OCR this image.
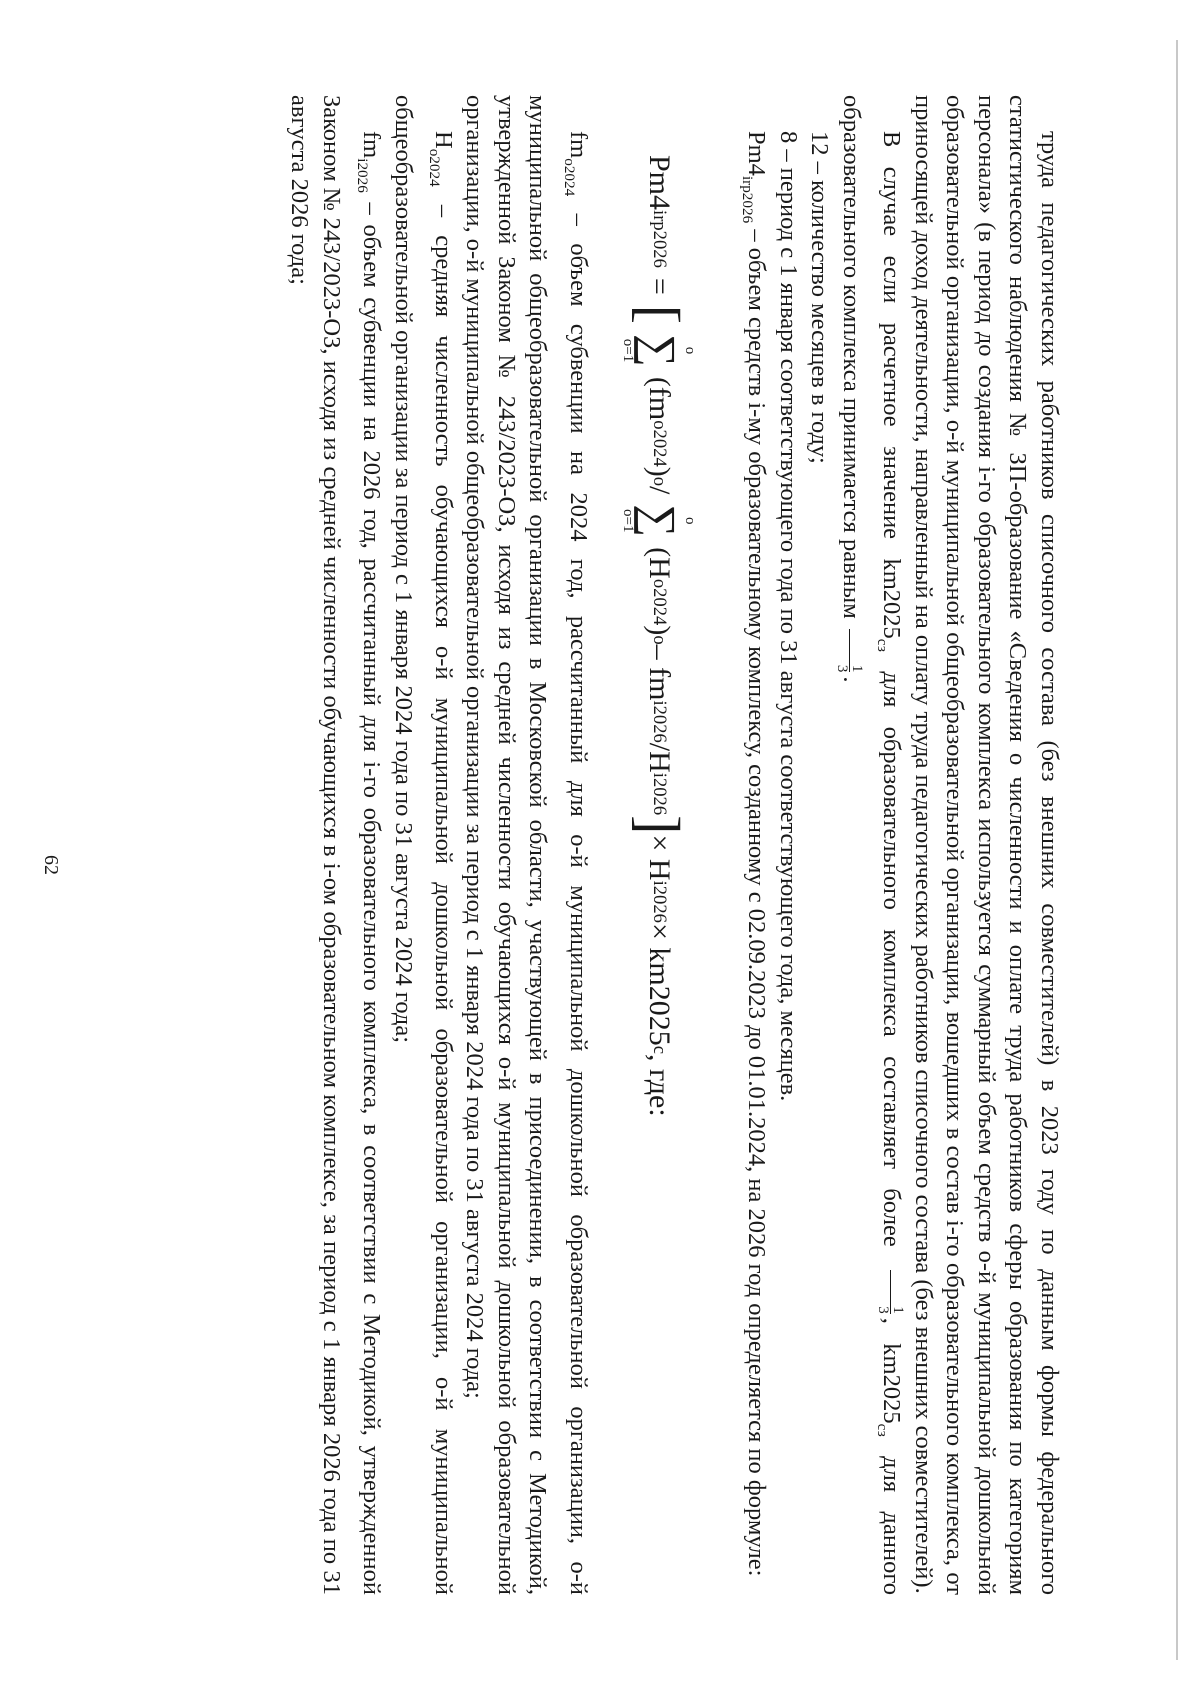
62	труда педагогических работников списочного состава (без внешних совместителей) в 2023 году по данным формы федерального статистического наблюдения № ЗП-образование «Сведения о численности и оплате труда работников сферы образования по категориям персонала» (в период до создания i-го образовательного комплекса используется суммарный объем средств о-й муниципальной дошкольной образовательной организации, о-й муниципальной общеобразовательной организации, вошедших в состав i-го образовательного комплекса, от приносящей доход деятельности, направленный на оплату труда педагогических работников списочного состава (без внешних совместителей).

В случае если расчетное значение $km2025_{сз}$ для образовательного комплекса составляет более
1
3
, $km2025_{сз}$ для данного образовательного комплекса принимается равным
1
3
.

12 – количество месяцев в году;

8 – период с 1 января соответствующего года по 31 августа соответствующего года, месяцев.

$Pm4_{irp2026}$ – объем средств i-му образовательному комплексу, созданному с 02.09.2023 до 01.01.2024, на 2026 год определяется по формуле:

Pm4
irp2026
=
[
o
∑
o=1
(fm
o2024
)
o
/
o
∑
o=1
(Н
o2024
)
o
– fm
i2026
/Н
i2026
]
× Н
i2026
× km2025
с
, где:

$fm_{o2024}$ – объем субвенции на 2024 год, рассчитанный для о-й муниципальной дошкольной образовательной организации, о-й муниципальной общеобразовательной организации в Московской области, участвующей в присоединении, в соответствии с Методикой, утвержденной Законом № 243/2023-ОЗ, исходя из средней численности обучающихся о-й муниципальной дошкольной образовательной организации, о-й муниципальной общеобразовательной организации за период с 1 января 2024 года по 31 августа 2024 года;

$Н_{o2024}$ – средняя численность обучающихся о-й муниципальной дошкольной образовательной организации, о-й муниципальной общеобразовательной организации за период с 1 января 2024 года по 31 августа 2024 года;

$fm_{i2026}$ – объем субвенции на 2026 год, рассчитанный для i-го образовательного комплекса, в соответствии с Методикой, утвержденной Законом № 243/2023-ОЗ, исходя из средней численности обучающихся в i-ом образовательном комплексе, за период с 1 января 2026 года по 31 августа 2026 года;
